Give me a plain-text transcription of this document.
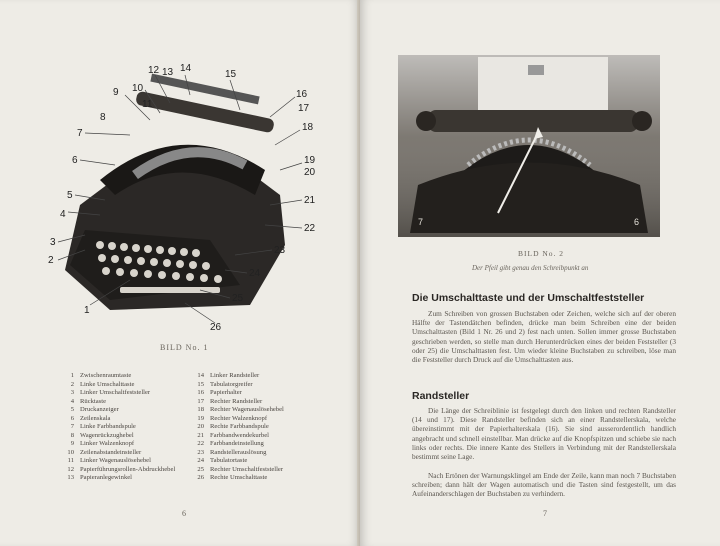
1
2
3
4
5
6
7
8
9 10
11
12 13 14
15
16
17
18
19
20
21
22
23
24
25
26
BILD No. 1
1 Zwischenraumtaste
2 Linke Umschalttaste
3 Linker Umschaltfeststeller
4 Rücktaste
5 Druckanzeiger
6 Zeilenskala
7 Linke Farbbandspule
8 Wagenrückzughebel
9 Linker Walzenknopf
10 Zeilenabstandeinsteller
11 Linker Wagenauslösehebel
12 Papierführungsrollen-Abdruckhebel
13 Papieranlegewinkel
14 Linker Randsteller
15 Tabulatorgreifer
16 Papierhalter
17 Rechter Randsteller
18 Rechter Wagenauslösehebel
19 Rechter Walzenknopf
20 Rechte Farbbandspule
21 Farbbandwendekurbel
22 Farbbandeinstellung
23 Randstellerauslösung
24 Tabulatortaste
25 Rechter Umschaltfeststeller
26 Rechte Umschalttaste
6
7	6
BILD No. 2
Der Pfeil gibt genau den Schreibpunkt an
Die Umschalttaste und der Umschaltfeststeller

Zum Schreiben von grossen Buchstaben oder Zeichen, welche sich auf der oberen Hälfte der Tastendätchen befinden, drücke man beim Schreiben eine der beiden Umschalttasten (Bild 1 Nr. 26 und 2) fest nach unten. Sollen immer grosse Buchstaben geschrieben werden, so stelle man durch Herunterdrücken eines der beiden Feststeller (3 oder 25) die Umschalttasten fest. Um wieder kleine Buchstaben zu schreiben, löse man die Feststeller durch Druck auf die Umschalttasten aus.

Randsteller

Die Länge der Schreiblinie ist festgelegt durch den linken und rechten Randsteller (14 und 17). Diese Randsteller befinden sich an einer Randstellerskala, welche übereinstimmt mit der Papierhalterskala (16). Sie sind ausserordentlich handlich angebracht und schnell einstellbar. Man drücke auf die Knopfspitzen und schiebe sie nach links oder rechts. Die innere Kante des Stellers in Verbindung mit der Randstellerskala bestimmt seine Lage.

Nach Ertönen der Warnungsklingel am Ende der Zeile, kann man noch 7 Buchstaben schreiben; dann hält der Wagen automatisch und die Tasten sind festgestellt, um das Aufeinanderschlagen der Buchstaben zu verhindern.

7
